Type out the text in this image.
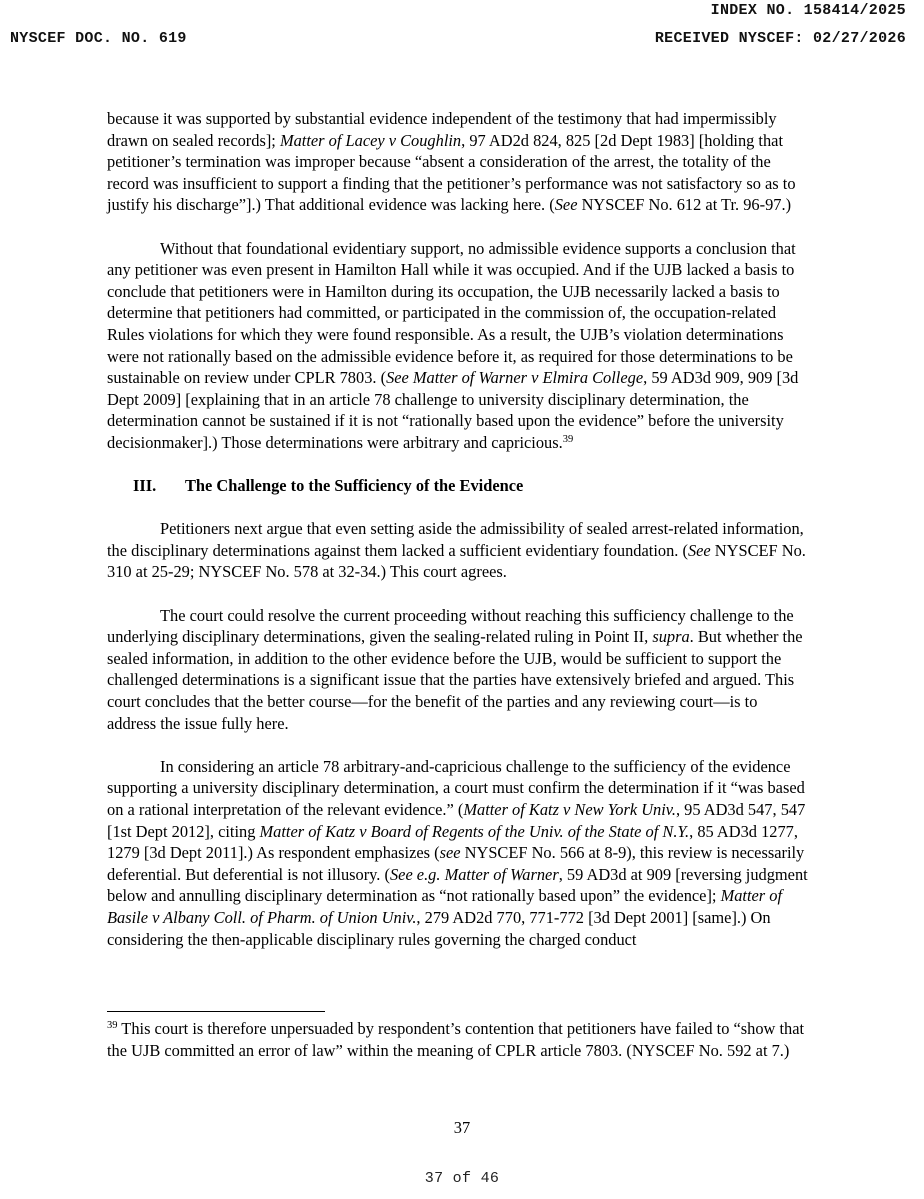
INDEX NO. 158414/2025
NYSCEF DOC. NO. 619	RECEIVED NYSCEF: 02/27/2026

because it was supported by substantial evidence independent of the testimony that had impermissibly drawn on sealed records]; Matter of Lacey v Coughlin, 97 AD2d 824, 825 [2d Dept 1983] [holding that petitioner’s termination was improper because “absent a consideration of the arrest, the totality of the record was insufficient to support a finding that the petitioner’s performance was not satisfactory so as to justify his discharge”].) That additional evidence was lacking here. (See NYSCEF No. 612 at Tr. 96-97.)

Without that foundational evidentiary support, no admissible evidence supports a conclusion that any petitioner was even present in Hamilton Hall while it was occupied. And if the UJB lacked a basis to conclude that petitioners were in Hamilton during its occupation, the UJB necessarily lacked a basis to determine that petitioners had committed, or participated in the commission of, the occupation-related Rules violations for which they were found responsible. As a result, the UJB’s violation determinations were not rationally based on the admissible evidence before it, as required for those determinations to be sustainable on review under CPLR 7803. (See Matter of Warner v Elmira College, 59 AD3d 909, 909 [3d Dept 2009] [explaining that in an article 78 challenge to university disciplinary determination, the determination cannot be sustained if it is not “rationally based upon the evidence” before the university decisionmaker].) Those determinations were arbitrary and capricious.$^{39}$

III. The Challenge to the Sufficiency of the Evidence

Petitioners next argue that even setting aside the admissibility of sealed arrest-related information, the disciplinary determinations against them lacked a sufficient evidentiary foundation. (See NYSCEF No. 310 at 25-29; NYSCEF No. 578 at 32-34.) This court agrees.

The court could resolve the current proceeding without reaching this sufficiency challenge to the underlying disciplinary determinations, given the sealing-related ruling in Point II, supra. But whether the sealed information, in addition to the other evidence before the UJB, would be sufficient to support the challenged determinations is a significant issue that the parties have extensively briefed and argued. This court concludes that the better course—for the benefit of the parties and any reviewing court—is to address the issue fully here.

In considering an article 78 arbitrary-and-capricious challenge to the sufficiency of the evidence supporting a university disciplinary determination, a court must confirm the determination if it “was based on a rational interpretation of the relevant evidence.” (Matter of Katz v New York Univ., 95 AD3d 547, 547 [1st Dept 2012], citing Matter of Katz v Board of Regents of the Univ. of the State of N.Y., 85 AD3d 1277, 1279 [3d Dept 2011].) As respondent emphasizes (see NYSCEF No. 566 at 8-9), this review is necessarily deferential. But deferential is not illusory. (See e.g. Matter of Warner, 59 AD3d at 909 [reversing judgment below and annulling disciplinary determination as “not rationally based upon” the evidence]; Matter of Basile v Albany Coll. of Pharm. of Union Univ., 279 AD2d 770, 771-772 [3d Dept 2001] [same].) On considering the then-applicable disciplinary rules governing the charged conduct

$^{39}$ This court is therefore unpersuaded by respondent’s contention that petitioners have failed to “show that the UJB committed an error of law” within the meaning of CPLR article 7803. (NYSCEF No. 592 at 7.)

37
37 of 46
